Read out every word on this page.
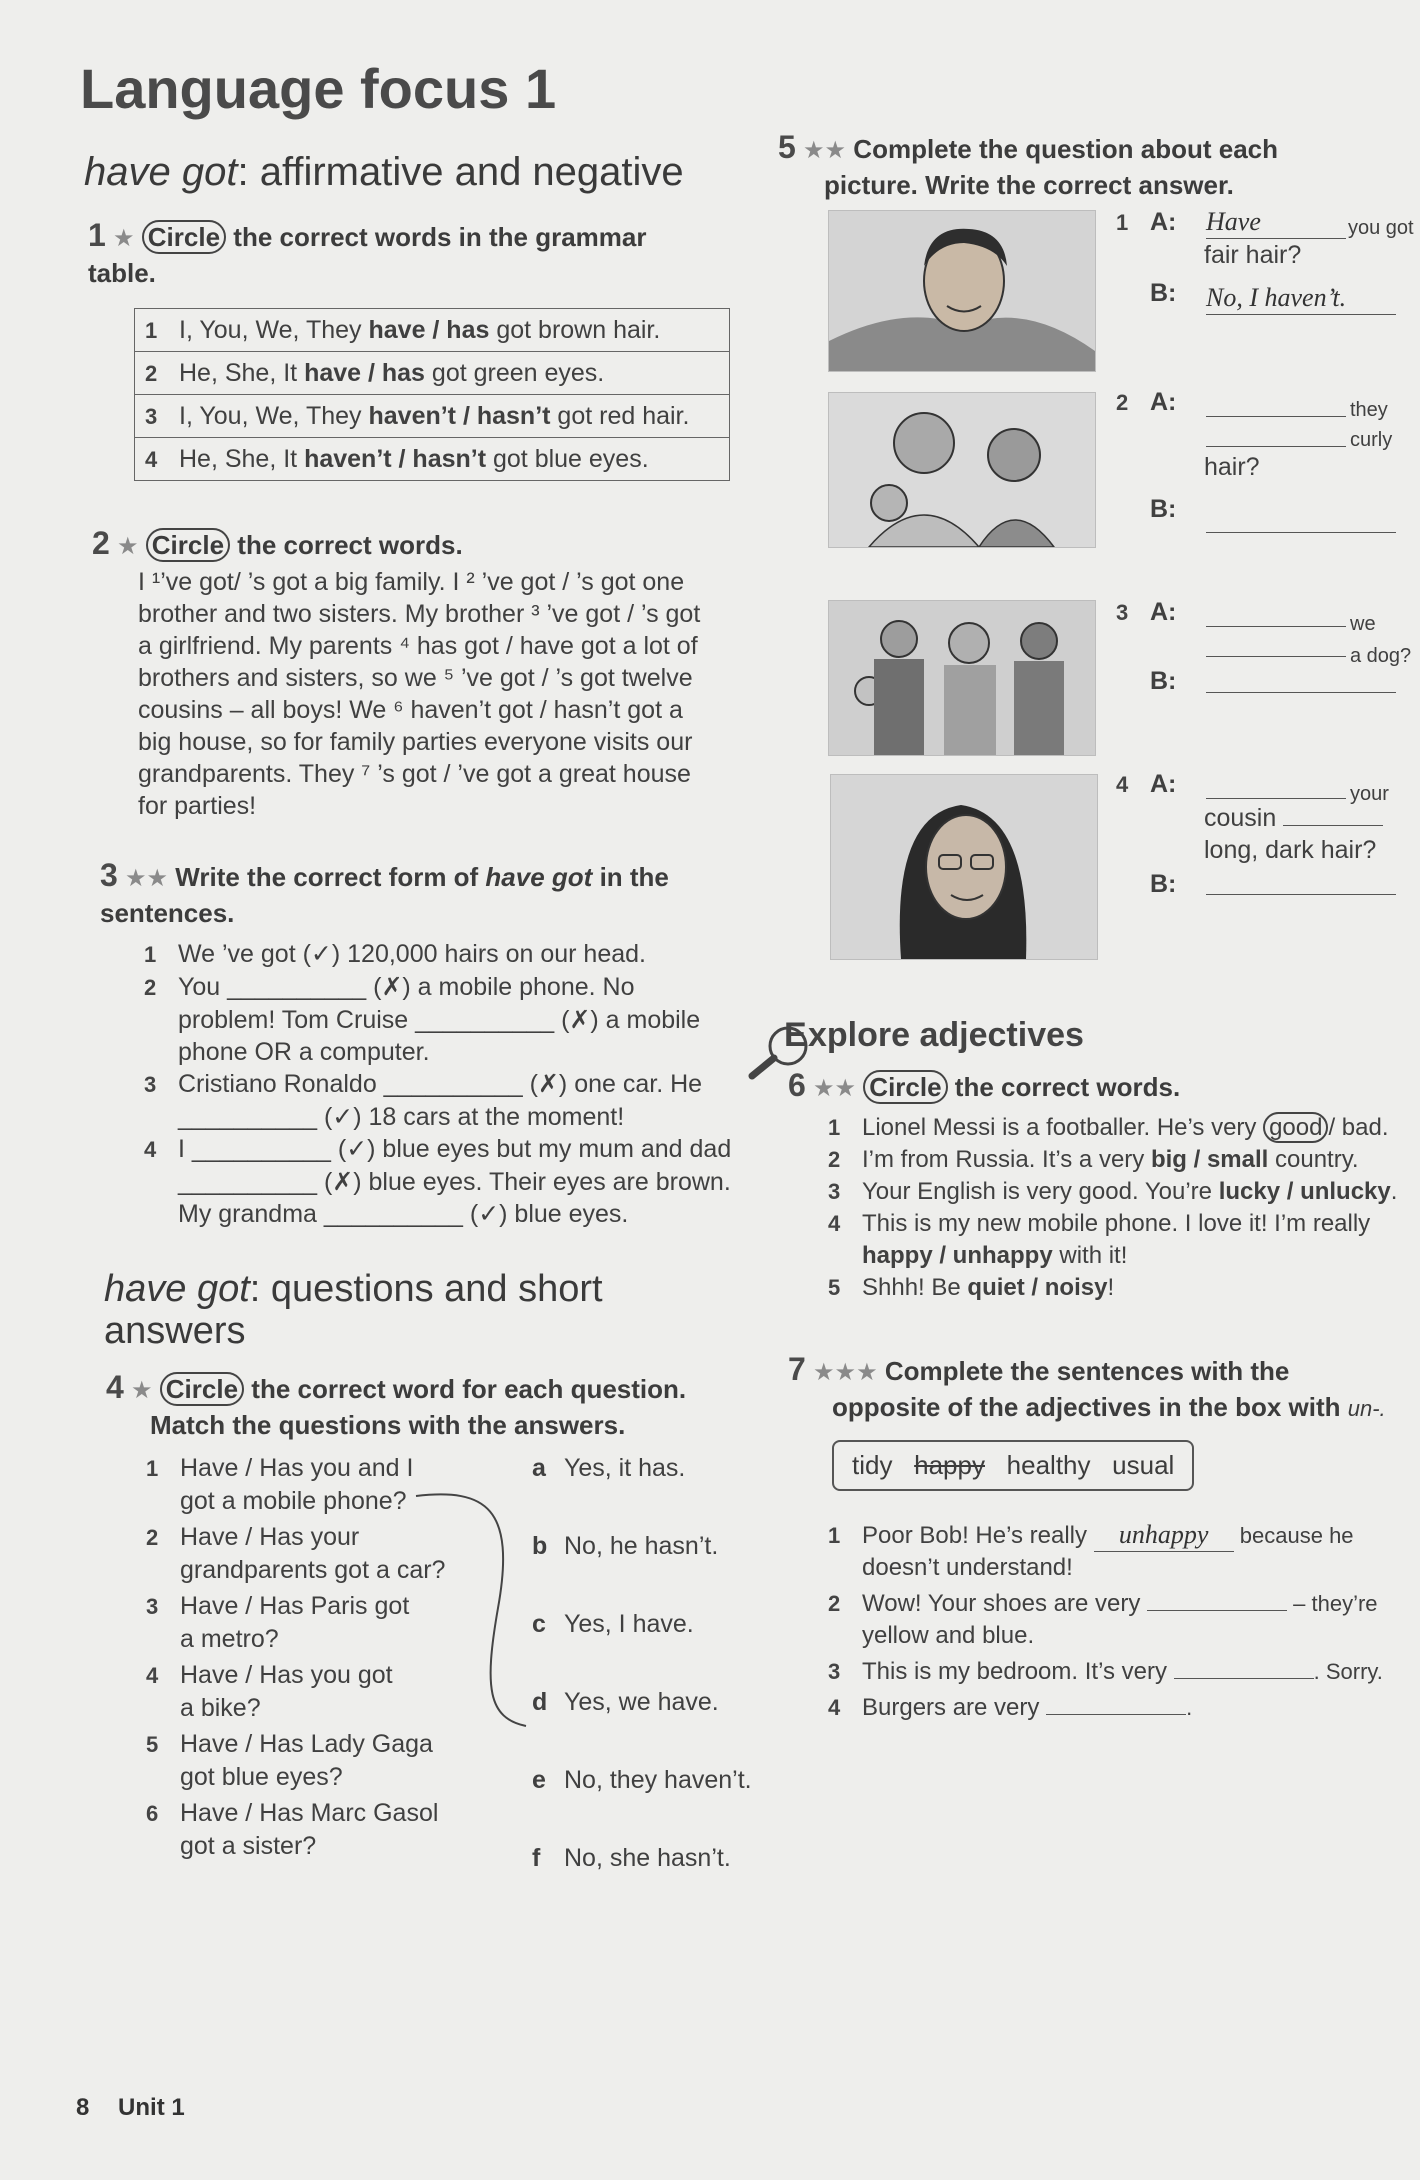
Language focus 1
have got: affirmative and negative
1 ★ Circle the correct words in the grammar table.
1 I, You, We, They have / has got brown hair.
2 He, She, It have / has got green eyes.
3 I, You, We, They haven’t / hasn’t got red hair.
4 He, She, It haven’t / hasn’t got blue eyes.
2 ★ Circle the correct words.
I ¹’ve got/ ’s got a big family. I ² ’ve got / ’s got one
brother and two sisters. My brother ³ ’ve got / ’s got
a girlfriend. My parents ⁴ has got / have got a lot of
brothers and sisters, so we ⁵ ’ve got / ’s got twelve
cousins – all boys! We ⁶ haven’t got / hasn’t got a
big house, so for family parties everyone visits our
grandparents. They ⁷ ’s got / ’ve got a great house
for parties!
3 ★★ Write the correct form of have got in the sentences.
1 We ’ve got (✓) 120,000 hairs on our head.
2 You __________ (✗) a mobile phone. No
problem! Tom Cruise __________ (✗) a mobile
phone OR a computer.
3 Cristiano Ronaldo __________ (✗) one car. He
__________ (✓) 18 cars at the moment!
4 I __________ (✓) blue eyes but my mum and dad
__________ (✗) blue eyes. Their eyes are brown.
My grandma __________ (✓) blue eyes.
have got: questions and short
answers
4 ★ Circle the correct word for each question.
Match the questions with the answers.
1 Have / Has you and I
got a mobile phone?
2 Have / Has your
grandparents got a car?
3 Have / Has Paris got
a metro?
4 Have / Has you got
a bike?
5 Have / Has Lady Gaga
got blue eyes?
6 Have / Has Marc Gasol
got a sister?
a Yes, it has.
b No, he hasn’t.
c Yes, I have.
d Yes, we have.
e No, they haven’t.
f No, she hasn’t.
5 ★★ Complete the question about each
picture. Write the correct answer.
1 A: Have	you got
fair hair?
B: No, I haven’t.
2 A:	they
curly
hair?
B:
3 A:	we
a dog?
B:
4 A:	your
cousin
long, dark hair?
B:
E xplore adjectives
6 ★★ Circle the correct words.
1 Lionel Messi is a footballer. He’s very good / bad.
2 I’m from Russia. It’s a very big / small country.
3 Your English is very good. You’re lucky / unlucky.
4 This is my new mobile phone. I love it! I’m really
happy / unhappy with it!
5 Shhh! Be quiet / noisy!
7 ★★★ Complete the sentences with the
opposite of the adjectives in the box with un-.
tidy happy healthy usual
1 Poor Bob! He’s really unhappy because he
doesn’t understand!
2 Wow! Your shoes are very	– they’re
yellow and blue.
3 This is my bedroom. It’s very	. Sorry.
4 Burgers are very	.
8 Unit 1
